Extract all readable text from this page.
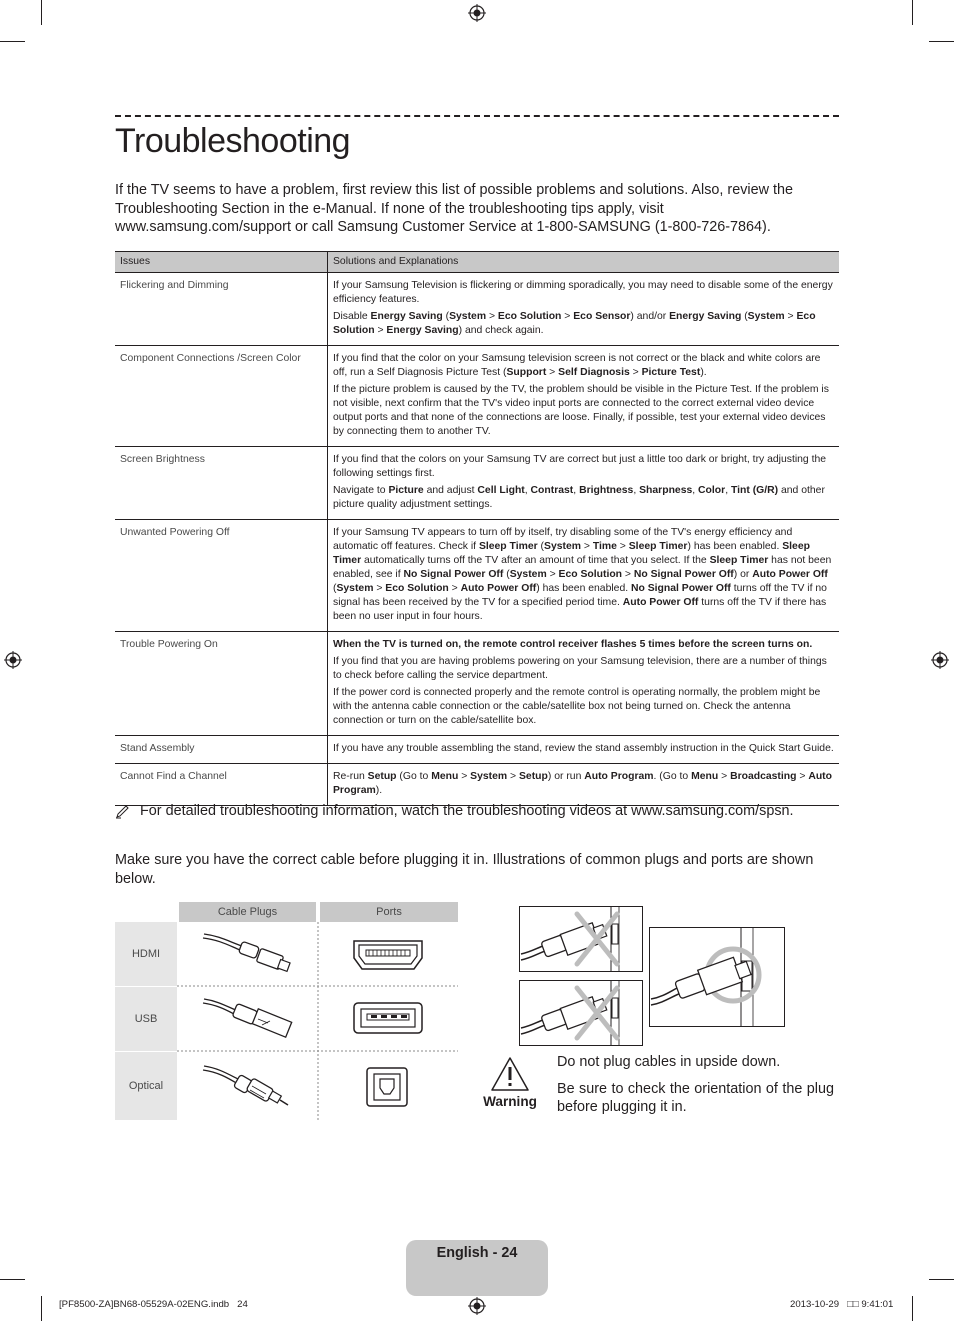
Troubleshooting

If the TV seems to have a problem, first review this list of possible problems and solutions. Also, review the Troubleshooting Section in the e-Manual. If none of the troubleshooting tips apply, visit www.samsung.com/support or call Samsung Customer Service at 1-800-SAMSUNG (1-800-726-7864).

Issues	Solutions and Explanations
Flickering and Dimming	If your Samsung Television is flickering or dimming sporadically, you may need to disable some of the energy efficiency features.

Disable Energy Saving (System > Eco Solution > Eco Sensor) and/or Energy Saving (System > Eco Solution > Energy Saving) and check again.

Component Connections /Screen Color	If you find that the color on your Samsung television screen is not correct or the black and white colors are off, run a Self Diagnosis Picture Test (Support > Self Diagnosis > Picture Test).

If the picture problem is caused by the TV, the problem should be visible in the Picture Test. If the problem is not visible, next confirm that the TV's video input ports are connected to the correct external video device output ports and that none of the connections are loose. Finally, if possible, test your external video devices by connecting them to another TV.

Screen Brightness	If you find that the colors on your Samsung TV are correct but just a little too dark or bright, try adjusting the following settings first.

Navigate to Picture and adjust Cell Light, Contrast, Brightness, Sharpness, Color, Tint (G/R) and other picture quality adjustment settings.

Unwanted Powering Off	If your Samsung TV appears to turn off by itself, try disabling some of the TV's energy efficiency and automatic off features. Check if Sleep Timer (System > Time > Sleep Timer) has been enabled. Sleep Timer automatically turns off the TV after an amount of time that you select. If the Sleep Timer has not been enabled, see if No Signal Power Off (System > Eco Solution > No Signal Power Off) or Auto Power Off (System > Eco Solution > Auto Power Off) has been enabled. No Signal Power Off turns off the TV if no signal has been received by the TV for a specified period time. Auto Power Off turns off the TV if there has been no user input in four hours.

Trouble Powering On	When the TV is turned on, the remote control receiver flashes 5 times before the screen turns on.

If you find that you are having problems powering on your Samsung television, there are a number of things to check before calling the service department.

If the power cord is connected properly and the remote control is operating normally, the problem might be with the antenna cable connection or the cable/satellite box not being turned on. Check the antenna connection or turn on the cable/satellite box.

Stand Assembly	If you have any trouble assembling the stand, review the stand assembly instruction in the Quick Start Guide.

Cannot Find a Channel	Re-run Setup (Go to Menu > System > Setup) or run Auto Program. (Go to Menu > Broadcasting > Auto Program).

For detailed troubleshooting information, watch the troubleshooting videos at www.samsung.com/spsn.

Make sure you have the correct cable before plugging it in. Illustrations of common plugs and ports are shown below.

Cable Plugs	Ports
HDMI
USB
Optical
Warning

Do not plug cables in upside down.

Be sure to check the orientation of the plug before plugging it in.

English - 24
[PF8500-ZA]BN68-05529A-02ENG.indb   24	2013-10-29   □□ 9:41:01
